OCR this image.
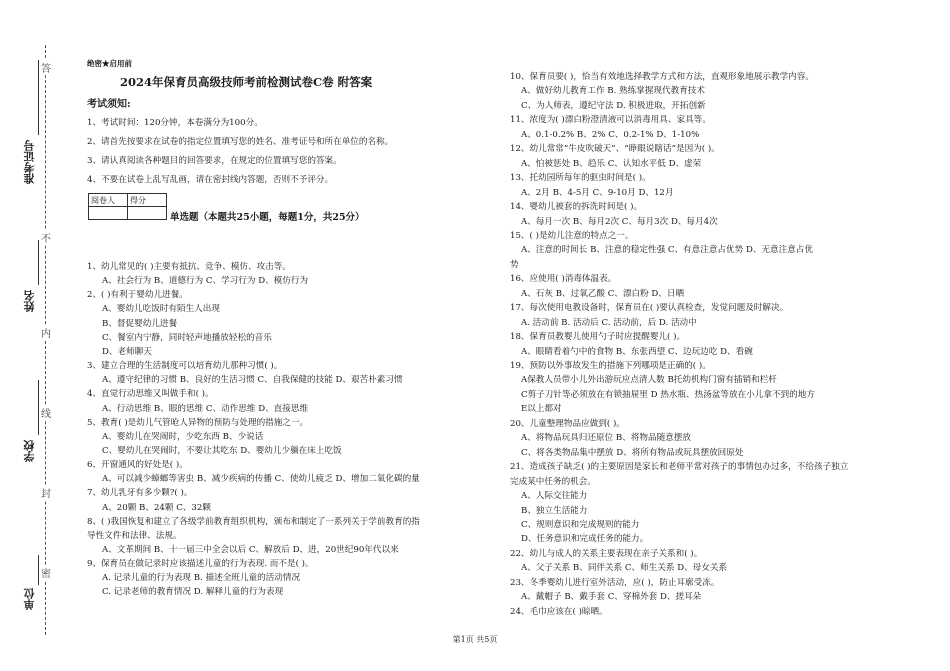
答
不
内
线
封
密
准考证号
姓名
学校
单位
绝密★启用前
2024年保育员高级技师考前检测试卷C卷 附答案
考试须知:
1、考试时间：120分钟，本卷满分为100分。
2、请首先按要求在试卷的指定位置填写您的姓名、准考证号和所在单位的名称。
3、请认真阅读各种题目的回答要求，在规定的位置填写您的答案。
4、不要在试卷上乱写乱画，请在密封线内答题，否则不予评分。
阅卷人	得分

单选题（本题共25小题，每题1分，共25分）
1、幼儿常见的( )主要有抵抗、竞争、模仿、攻击等。
A、社会行为 B、道德行为 C、学习行为 D、模仿行为
2、( )有利于婴幼儿进餐。
A、婴幼儿吃饭时有陌生人出现
B、督促婴幼儿进餐
C、餐室内宁静，同时轻声地播放轻松的音乐
D、老师聊天
3、建立合理的生活制度可以培育幼儿那种习惯( )。
A、遵守纪律的习惯 B、良好的生活习惯 C、自我保健的技能 D、艰苦朴素习惯
4、直觉行动思维又叫做手和( )。
A、行动思维 B、眼的思维 C、动作思维 D、直接思维
5、教育( )是幼儿气管呛人异物的预防与处理的措施之一。
A、婴幼儿在哭闹时，少吃东西 B、少说话
C、婴幼儿在哭闹时，不要让其吃东 D、婴幼儿少躺在床上吃饭
6、开窗通风的好处是( )。
A、可以减少蟑螂等害虫 B、减少疾病的传播 C、使幼儿疲乏 D、增加二氧化碳的量
7、幼儿乳牙有多少颗?( )。
A、20颗 B、24颗 C、32颗
8、( )我国恢复和建立了各级学前教育组织机构，颁布和制定了一系列关于学前教育的指
导性文件和法律、法规。
A、文革期间 B、十一届三中全会以后 C、解放后 D、进，20世纪90年代以来
9、保育员在做记录时应该描述儿童的行为表现. 而不是( )。
A. 记录儿童的行为表现 B. 描述全班儿童的活动情况
C. 记录老师的教育情况 D. 解释儿童的行为表现
10、保育员要( )，恰当有效地选择教学方式和方法，直观形象地展示教学内容。
A、做好幼儿教育工作 B. 熟练掌握现代教育技术
C、为人师表，遵纪守法 D. 积极进取，开拓创新
11、浓度为( )漂白粉澄清液可以消毒用具、家具等。
A、0.1-0.2% B、2% C、0.2-1% D、1-10%
12、幼儿常常“牛皮吹破天”、“睁眼说瞎话”是因为( )。
A、怕被惩处 B、趋乐 C、认知水平低 D、虚荣
13、托幼园所每年的驱虫时间是( )。
A、2月 B、4-5月 C、9-10月 D、12月
14、婴幼儿被套的拆洗时间是( )。
A、每月一次 B、每月2次 C、每月3次 D、每月4次
15、( )是幼儿注意的特点之一。
A、注意的时间长 B、注意的稳定性强 C、有意注意占优势 D、无意注意占优
势
16、应使用( )消毒体温表。
A、石灰 B、过氧乙酸 C、漂白粉 D、日晒
17、每次使用电教设备时，保育员在( )要认真检查，发觉问题及时解决。
A. 活动前 B. 活动后 C. 活动前，后 D. 活动中
18、保育员教婴儿使用勺子时应提醒婴儿( )。
A、眼睛看着勺中的食物 B、东张西望 C、边玩边吃 D、看碗
19、预防以外事故发生的措施下列哪项是正确的( )。
A保教人员带小儿外出游玩应点清人数 B托幼机构门窗有插销和栏杆
C剪子刀针等必须放在有锁抽屉里 D 热水瓶、热汤盆等放在小儿拿不到的地方
E以上都对
20、儿童整理物品应做到( )。
A、将物品玩具归还原位 B、将物品随意摆放
C、将各类物品集中摆放 D、将所有物品或玩具摆放回原处
21、造成孩子缺乏( )的主要原因是家长和老师平常对孩子的事情包办过多，不给孩子独立
完成某中任务的机会。
A、人际交往能力
B、独立生活能力
C、规则意识和完成规则的能力
D、任务意识和完成任务的能力。
22、幼儿与成人的关系主要表现在亲子关系和( )。
A、父子关系 B、同伴关系 C、师生关系 D、母女关系
23、冬季婴幼儿进行室外活动，应( )，防止耳廓受冻。
A、戴帽子 B、戴手套 C、穿棉外套 D、搓耳朵
24、毛巾应该在( )晾晒。
第1页 共5页
